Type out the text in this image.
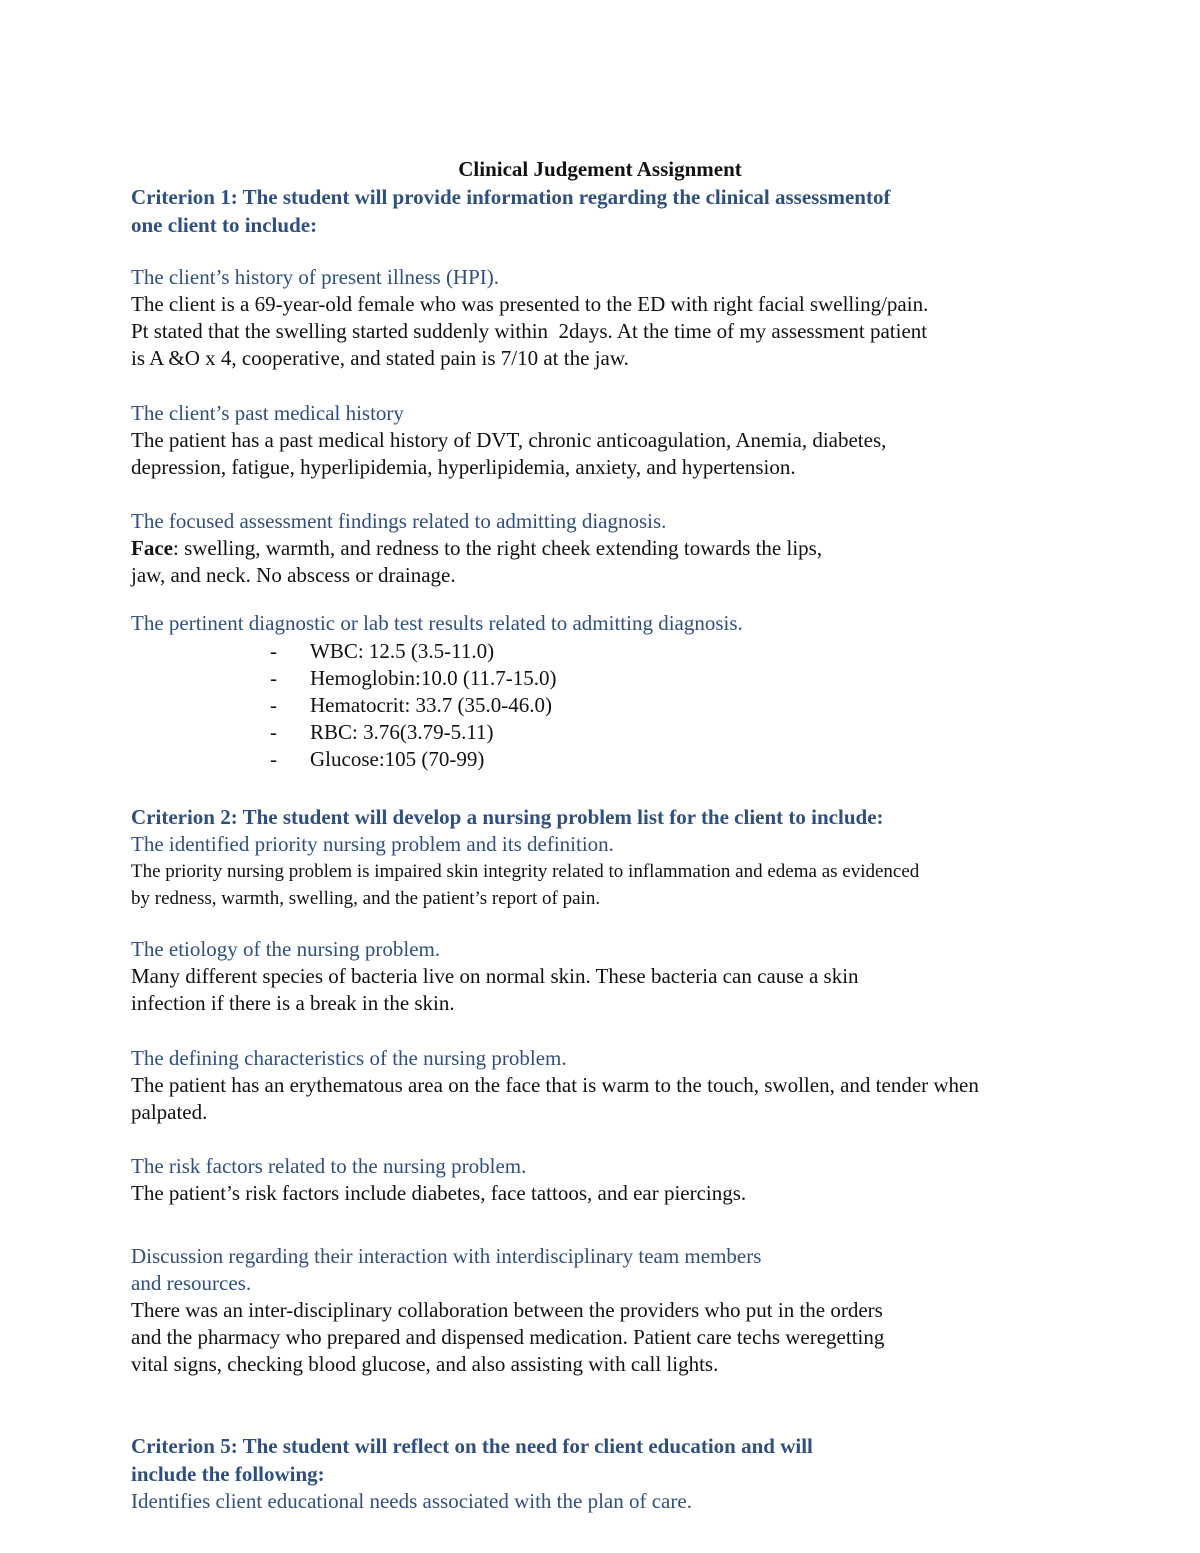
Clinical Judgement Assignment
Criterion 1: The student will provide information regarding the clinical assessmentof
one client to include:
The client’s history of present illness (HPI).
The client is a 69-year-old female who was presented to the ED with right facial swelling/pain.
Pt stated that the swelling started suddenly within  2days. At the time of my assessment patient
is A &O x 4, cooperative, and stated pain is 7/10 at the jaw.
The client’s past medical history
The patient has a past medical history of DVT, chronic anticoagulation, Anemia, diabetes,
depression, fatigue, hyperlipidemia, hyperlipidemia, anxiety, and hypertension.
The focused assessment findings related to admitting diagnosis.
Face: swelling, warmth, and redness to the right cheek extending towards the lips,
jaw, and neck. No abscess or drainage.
The pertinent diagnostic or lab test results related to admitting diagnosis.
-	WBC: 12.5 (3.5-11.0)
-	Hemoglobin:10.0 (11.7-15.0)
-	Hematocrit: 33.7 (35.0-46.0)
-	RBC: 3.76(3.79-5.11)
-	Glucose:105 (70-99)
Criterion 2: The student will develop a nursing problem list for the client to include:
The identified priority nursing problem and its definition.
The priority nursing problem is impaired skin integrity related to inflammation and edema as evidenced
by redness, warmth, swelling, and the patient’s report of pain.
The etiology of the nursing problem.
Many different species of bacteria live on normal skin. These bacteria can cause a skin
infection if there is a break in the skin.
The defining characteristics of the nursing problem.
The patient has an erythematous area on the face that is warm to the touch, swollen, and tender when
palpated.
The risk factors related to the nursing problem.
The patient’s risk factors include diabetes, face tattoos, and ear piercings.
Discussion regarding their interaction with interdisciplinary team members
and resources.
There was an inter-disciplinary collaboration between the providers who put in the orders
and the pharmacy who prepared and dispensed medication. Patient care techs weregetting
vital signs, checking blood glucose, and also assisting with call lights.
Criterion 5: The student will reflect on the need for client education and will
include the following:
Identifies client educational needs associated with the plan of care.
